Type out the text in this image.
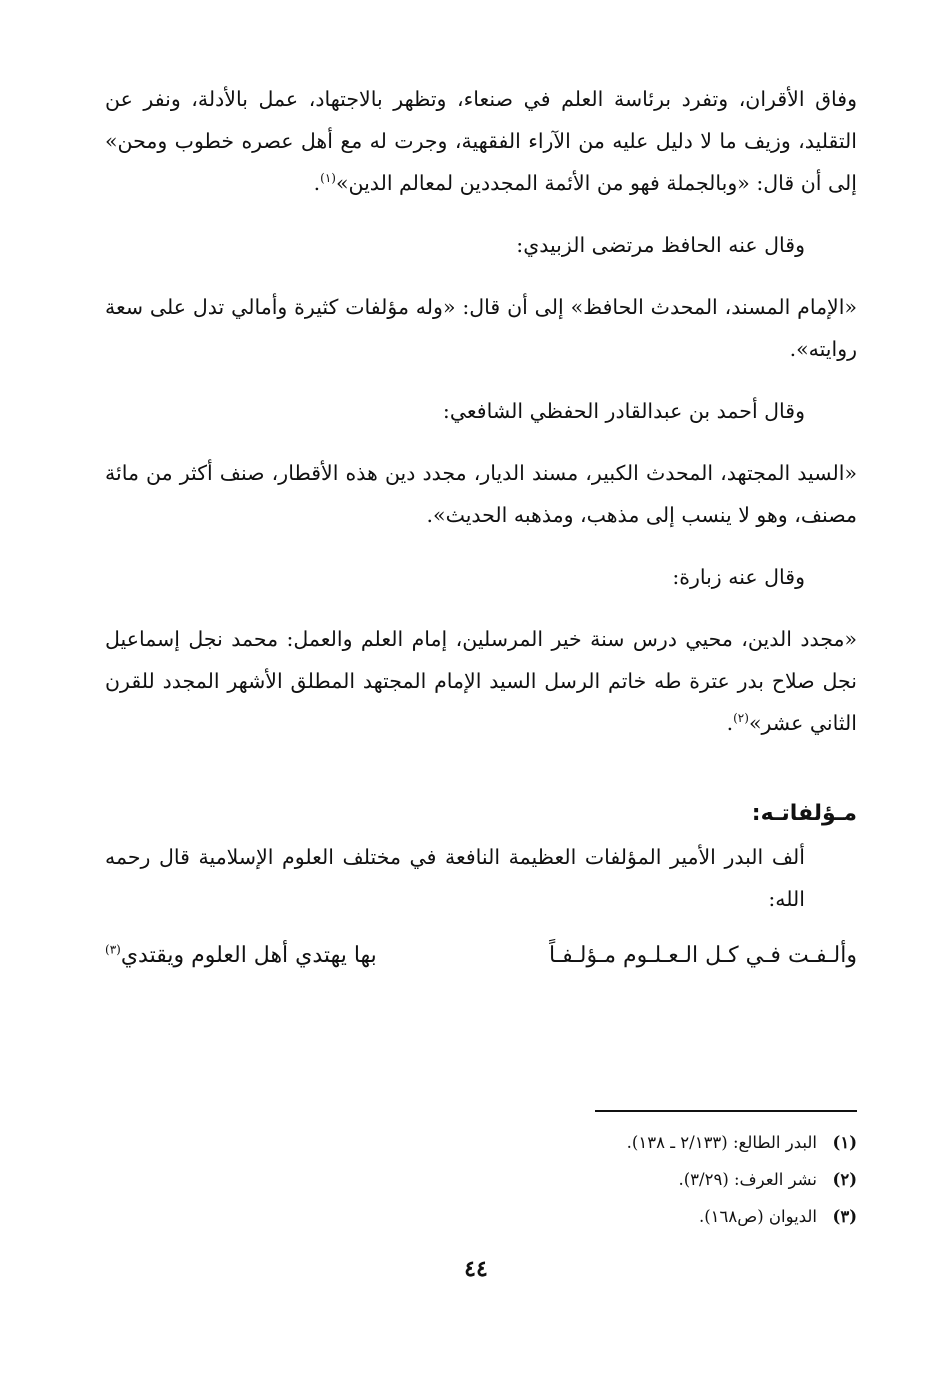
وفاق الأقران، وتفرد برئاسة العلم في صنعاء، وتظهر بالاجتهاد، عمل بالأدلة، ونفر عن التقليد، وزيف ما لا دليل عليه من الآراء الفقهية، وجرت له مع أهل عصره خطوب ومحن» إلى أن قال: «وبالجملة فهو من الأئمة المجددين لمعالم الدين»$^{(١)}$.

وقال عنه الحافظ مرتضى الزبيدي:

«الإمام المسند، المحدث الحافظ» إلى أن قال: «وله مؤلفات كثيرة وأمالي تدل على سعة روايته».

وقال أحمد بن عبدالقادر الحفظي الشافعي:

«السيد المجتهد، المحدث الكبير، مسند الديار، مجدد دين هذه الأقطار، صنف أكثر من مائة مصنف، وهو لا ينسب إلى مذهب، ومذهبه الحديث».

وقال عنه زبارة:

«مجدد الدين، محيي درس سنة خير المرسلين، إمام العلم والعمل: محمد نجل إسماعيل نجل صلاح بدر عترة طه خاتم الرسل السيد الإمام المجتهد المطلق الأشهر المجدد للقرن الثاني عشر»$^{(٢)}$.

مـؤلفاتـه:

ألف البدر الأمير المؤلفات العظيمة النافعة في مختلف العلوم الإسلامية قال رحمه الله:

وألـفـت فـي كـل الـعـلـوم مـؤلـفـاً
بها يهتدي أهل العلوم ويقتدي$^{(٣)}$
(١)
البدر الطالع: (٢/١٣٣ ـ ١٣٨).
(٢)
نشر العرف: (٣/٢٩).
(٣)
الديوان (ص١٦٨).
٤٤
